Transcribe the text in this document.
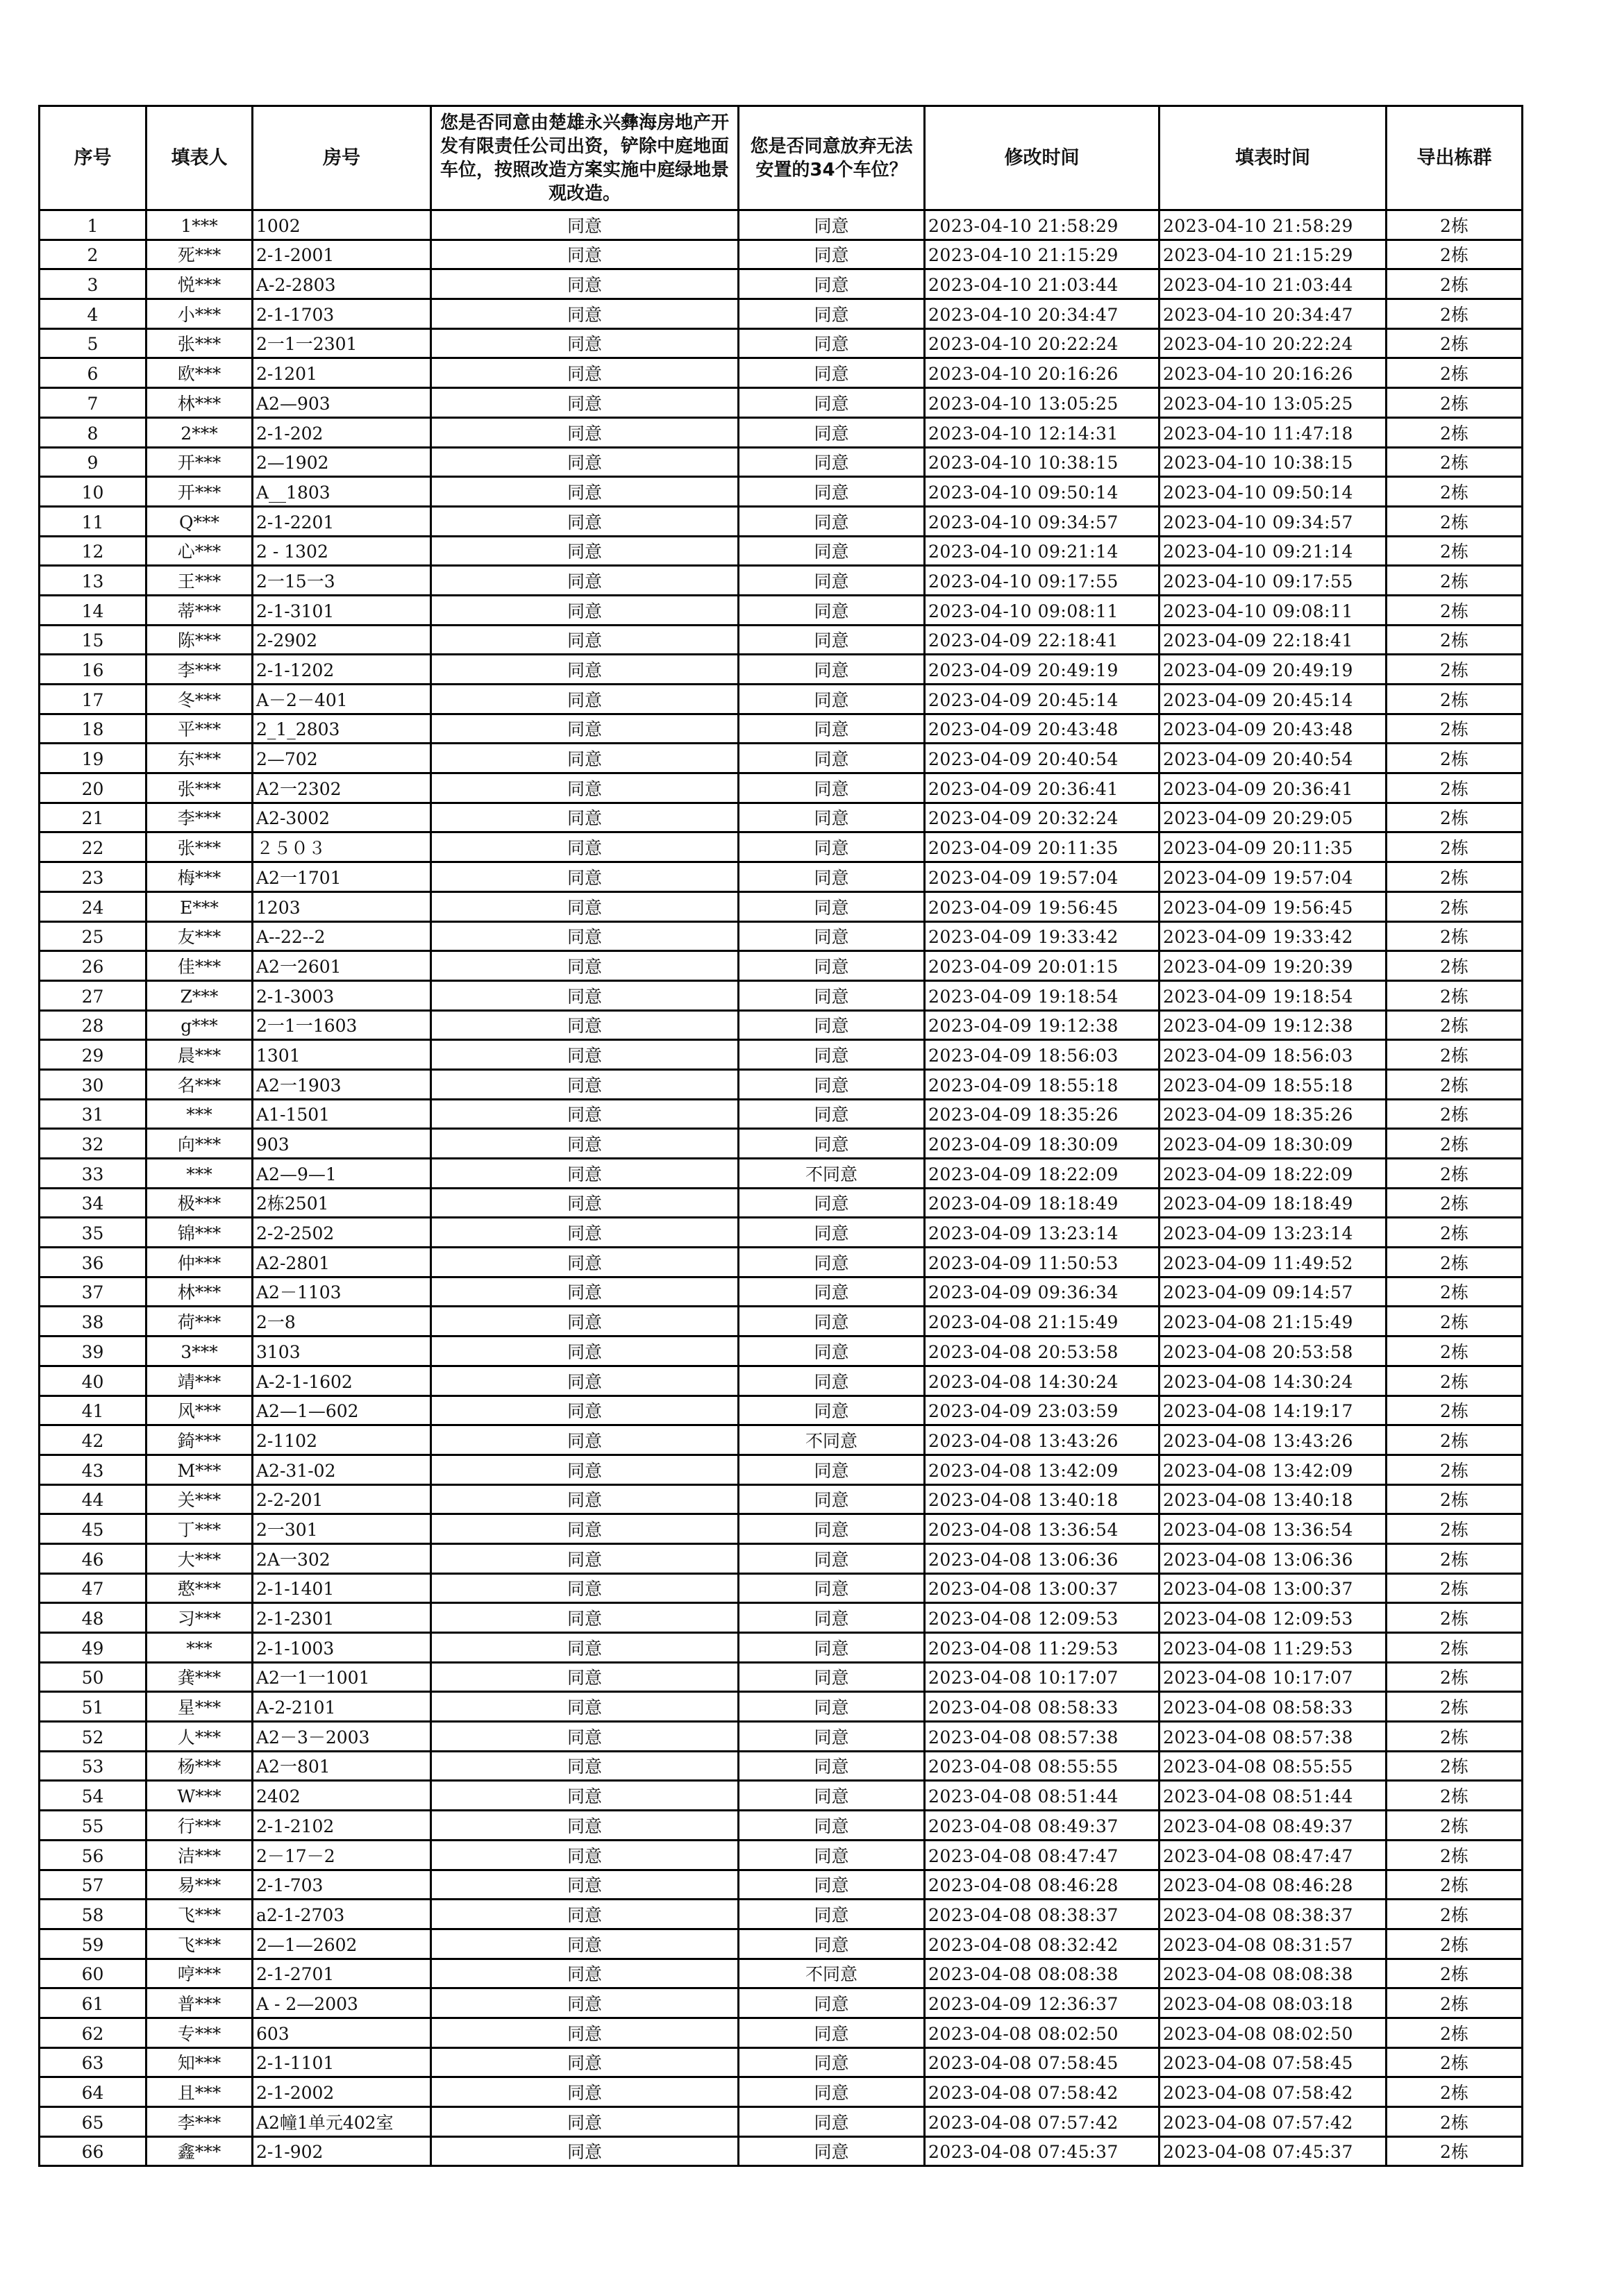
序号	填表人	房号	您是否同意由楚雄永兴彝海房地产开发有限责任公司出资，铲除中庭地面车位，按照改造方案实施中庭绿地景观改造。	您是否同意放弃无法安置的34个车位？	修改时间	填表时间	导出栋群
1	1***	1002	同意	同意	2023-04-10 21:58:29	2023-04-10 21:58:29	2栋
2	死***	2-1-2001	同意	同意	2023-04-10 21:15:29	2023-04-10 21:15:29	2栋
3	悦***	A-2-2803	同意	同意	2023-04-10 21:03:44	2023-04-10 21:03:44	2栋
4	小***	2-1-1703	同意	同意	2023-04-10 20:34:47	2023-04-10 20:34:47	2栋
5	张***	2一1一2301	同意	同意	2023-04-10 20:22:24	2023-04-10 20:22:24	2栋
6	欧***	2-1201	同意	同意	2023-04-10 20:16:26	2023-04-10 20:16:26	2栋
7	林***	A2—903	同意	同意	2023-04-10 13:05:25	2023-04-10 13:05:25	2栋
8	2***	2-1-202	同意	同意	2023-04-10 12:14:31	2023-04-10 11:47:18	2栋
9	开***	2—1902	同意	同意	2023-04-10 10:38:15	2023-04-10 10:38:15	2栋
10	开***	A__1803	同意	同意	2023-04-10 09:50:14	2023-04-10 09:50:14	2栋
11	Q***	2-1-2201	同意	同意	2023-04-10 09:34:57	2023-04-10 09:34:57	2栋
12	心***	2 - 1302	同意	同意	2023-04-10 09:21:14	2023-04-10 09:21:14	2栋
13	王***	2一15一3	同意	同意	2023-04-10 09:17:55	2023-04-10 09:17:55	2栋
14	蒂***	2-1-3101	同意	同意	2023-04-10 09:08:11	2023-04-10 09:08:11	2栋
15	陈***	2-2902	同意	同意	2023-04-09 22:18:41	2023-04-09 22:18:41	2栋
16	李***	2-1-1202	同意	同意	2023-04-09 20:49:19	2023-04-09 20:49:19	2栋
17	冬***	A－2－401	同意	同意	2023-04-09 20:45:14	2023-04-09 20:45:14	2栋
18	平***	2_1_2803	同意	同意	2023-04-09 20:43:48	2023-04-09 20:43:48	2栋
19	东***	2—702	同意	同意	2023-04-09 20:40:54	2023-04-09 20:40:54	2栋
20	张***	A2一2302	同意	同意	2023-04-09 20:36:41	2023-04-09 20:36:41	2栋
21	李***	A2-3002	同意	同意	2023-04-09 20:32:24	2023-04-09 20:29:05	2栋
22	张***	２５０３	同意	同意	2023-04-09 20:11:35	2023-04-09 20:11:35	2栋
23	梅***	A2一1701	同意	同意	2023-04-09 19:57:04	2023-04-09 19:57:04	2栋
24	E***	1203	同意	同意	2023-04-09 19:56:45	2023-04-09 19:56:45	2栋
25	友***	A--22--2	同意	同意	2023-04-09 19:33:42	2023-04-09 19:33:42	2栋
26	佳***	A2一2601	同意	同意	2023-04-09 20:01:15	2023-04-09 19:20:39	2栋
27	Z***	2-1-3003	同意	同意	2023-04-09 19:18:54	2023-04-09 19:18:54	2栋
28	g***	2一1一1603	同意	同意	2023-04-09 19:12:38	2023-04-09 19:12:38	2栋
29	晨***	1301	同意	同意	2023-04-09 18:56:03	2023-04-09 18:56:03	2栋
30	名***	A2一1903	同意	同意	2023-04-09 18:55:18	2023-04-09 18:55:18	2栋
31	***	A1-1501	同意	同意	2023-04-09 18:35:26	2023-04-09 18:35:26	2栋
32	向***	903	同意	同意	2023-04-09 18:30:09	2023-04-09 18:30:09	2栋
33	***	A2—9—1	同意	不同意	2023-04-09 18:22:09	2023-04-09 18:22:09	2栋
34	极***	2栋2501	同意	同意	2023-04-09 18:18:49	2023-04-09 18:18:49	2栋
35	锦***	2-2-2502	同意	同意	2023-04-09 13:23:14	2023-04-09 13:23:14	2栋
36	仲***	A2-2801	同意	同意	2023-04-09 11:50:53	2023-04-09 11:49:52	2栋
37	林***	A2－1103	同意	同意	2023-04-09 09:36:34	2023-04-09 09:14:57	2栋
38	荷***	2一8	同意	同意	2023-04-08 21:15:49	2023-04-08 21:15:49	2栋
39	3***	3103	同意	同意	2023-04-08 20:53:58	2023-04-08 20:53:58	2栋
40	靖***	A-2-1-1602	同意	同意	2023-04-08 14:30:24	2023-04-08 14:30:24	2栋
41	风***	A2—1—602	同意	同意	2023-04-09 23:03:59	2023-04-08 14:19:17	2栋
42	錡***	2-1102	同意	不同意	2023-04-08 13:43:26	2023-04-08 13:43:26	2栋
43	M***	A2-31-02	同意	同意	2023-04-08 13:42:09	2023-04-08 13:42:09	2栋
44	关***	2-2-201	同意	同意	2023-04-08 13:40:18	2023-04-08 13:40:18	2栋
45	丁***	2一301	同意	同意	2023-04-08 13:36:54	2023-04-08 13:36:54	2栋
46	大***	2A一302	同意	同意	2023-04-08 13:06:36	2023-04-08 13:06:36	2栋
47	憨***	2-1-1401	同意	同意	2023-04-08 13:00:37	2023-04-08 13:00:37	2栋
48	习***	2-1-2301	同意	同意	2023-04-08 12:09:53	2023-04-08 12:09:53	2栋
49	***	2-1-1003	同意	同意	2023-04-08 11:29:53	2023-04-08 11:29:53	2栋
50	龚***	A2一1一1001	同意	同意	2023-04-08 10:17:07	2023-04-08 10:17:07	2栋
51	星***	A-2-2101	同意	同意	2023-04-08 08:58:33	2023-04-08 08:58:33	2栋
52	人***	A2－3－2003	同意	同意	2023-04-08 08:57:38	2023-04-08 08:57:38	2栋
53	杨***	A2一801	同意	同意	2023-04-08 08:55:55	2023-04-08 08:55:55	2栋
54	W***	2402	同意	同意	2023-04-08 08:51:44	2023-04-08 08:51:44	2栋
55	行***	2-1-2102	同意	同意	2023-04-08 08:49:37	2023-04-08 08:49:37	2栋
56	洁***	2－17－2	同意	同意	2023-04-08 08:47:47	2023-04-08 08:47:47	2栋
57	易***	2-1-703	同意	同意	2023-04-08 08:46:28	2023-04-08 08:46:28	2栋
58	飞***	a2-1-2703	同意	同意	2023-04-08 08:38:37	2023-04-08 08:38:37	2栋
59	飞***	2—1—2602	同意	同意	2023-04-08 08:32:42	2023-04-08 08:31:57	2栋
60	哼***	2-1-2701	同意	不同意	2023-04-08 08:08:38	2023-04-08 08:08:38	2栋
61	普***	A - 2—2003	同意	同意	2023-04-09 12:36:37	2023-04-08 08:03:18	2栋
62	专***	603	同意	同意	2023-04-08 08:02:50	2023-04-08 08:02:50	2栋
63	知***	2-1-1101	同意	同意	2023-04-08 07:58:45	2023-04-08 07:58:45	2栋
64	且***	2-1-2002	同意	同意	2023-04-08 07:58:42	2023-04-08 07:58:42	2栋
65	李***	A2幢1单元402室	同意	同意	2023-04-08 07:57:42	2023-04-08 07:57:42	2栋
66	鑫***	2-1-902	同意	同意	2023-04-08 07:45:37	2023-04-08 07:45:37	2栋
